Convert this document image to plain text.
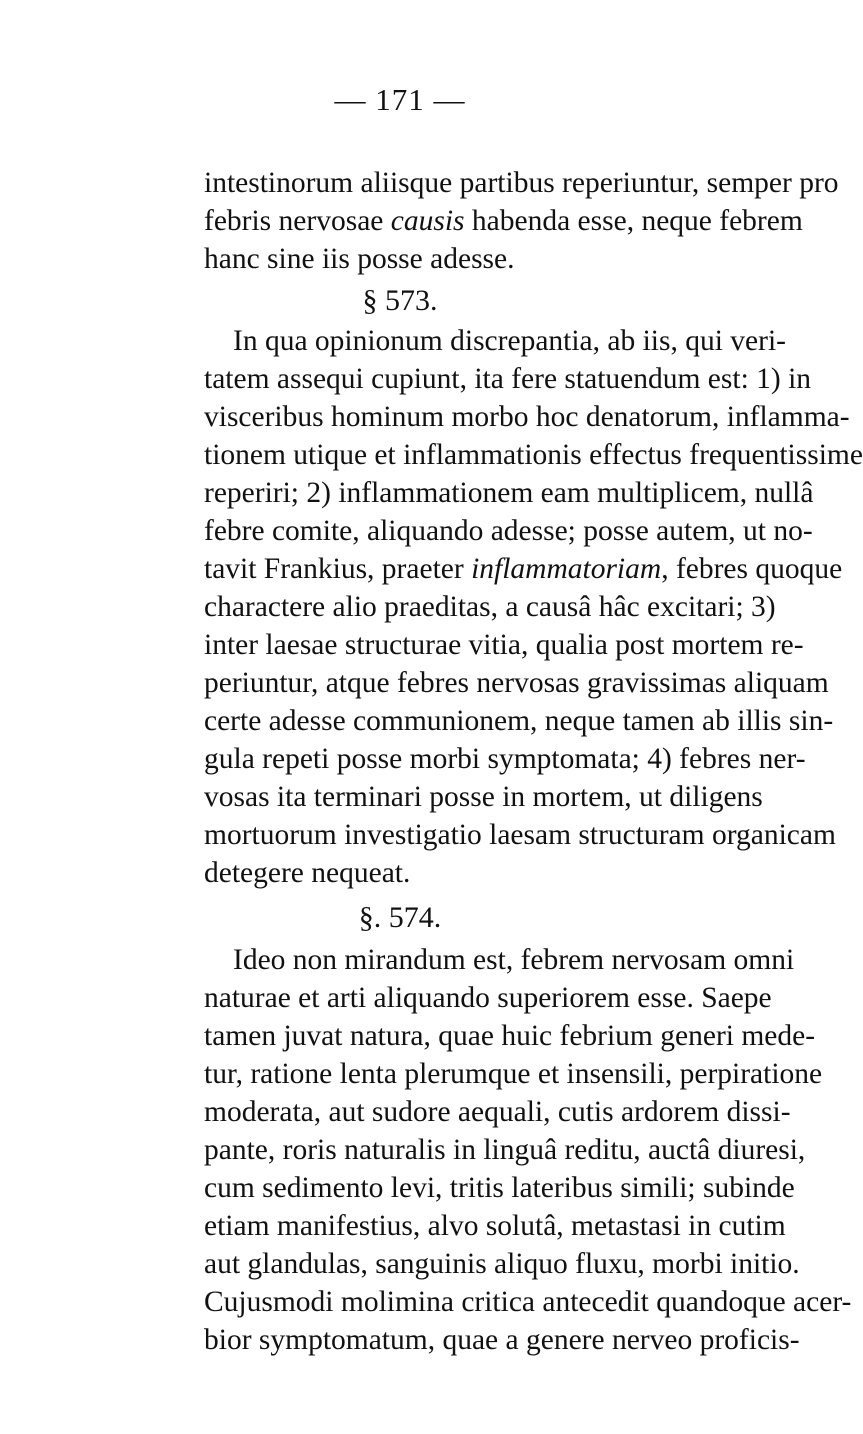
— 171 —
intestinorum aliisque partibus reperiuntur, semper pro
febris nervosae causis habenda esse, neque febrem
hanc sine iis posse adesse.
§ 573.
In qua opinionum discrepantia, ab iis, qui veri-
tatem assequi cupiunt, ita fere statuendum est: 1) in
visceribus hominum morbo hoc denatorum, inflamma-
tionem utique et inflammationis effectus frequentissime
reperiri; 2) inflammationem eam multiplicem, nullâ
febre comite, aliquando adesse; posse autem, ut no-
tavit Frankius, praeter inflammatoriam, febres quoque
charactere alio praeditas, a causâ hâc excitari; 3)
inter laesae structurae vitia, qualia post mortem re-
periuntur, atque febres nervosas gravissimas aliquam
certe adesse communionem, neque tamen ab illis sin-
gula repeti posse morbi symptomata; 4) febres ner-
vosas ita terminari posse in mortem, ut diligens
mortuorum investigatio laesam structuram organicam
detegere nequeat.
§. 574.
Ideo non mirandum est, febrem nervosam omni
naturae et arti aliquando superiorem esse. Saepe
tamen juvat natura, quae huic febrium generi mede-
tur, ratione lenta plerumque et insensili, perpiratione
moderata, aut sudore aequali, cutis ardorem dissi-
pante, roris naturalis in linguâ reditu, auctâ diuresi,
cum sedimento levi, tritis lateribus simili; subinde
etiam manifestius, alvo solutâ, metastasi in cutim
aut glandulas, sanguinis aliquo fluxu, morbi initio.
Cujusmodi molimina critica antecedit quandoque acer-
bior symptomatum, quae a genere nerveo proficis-
